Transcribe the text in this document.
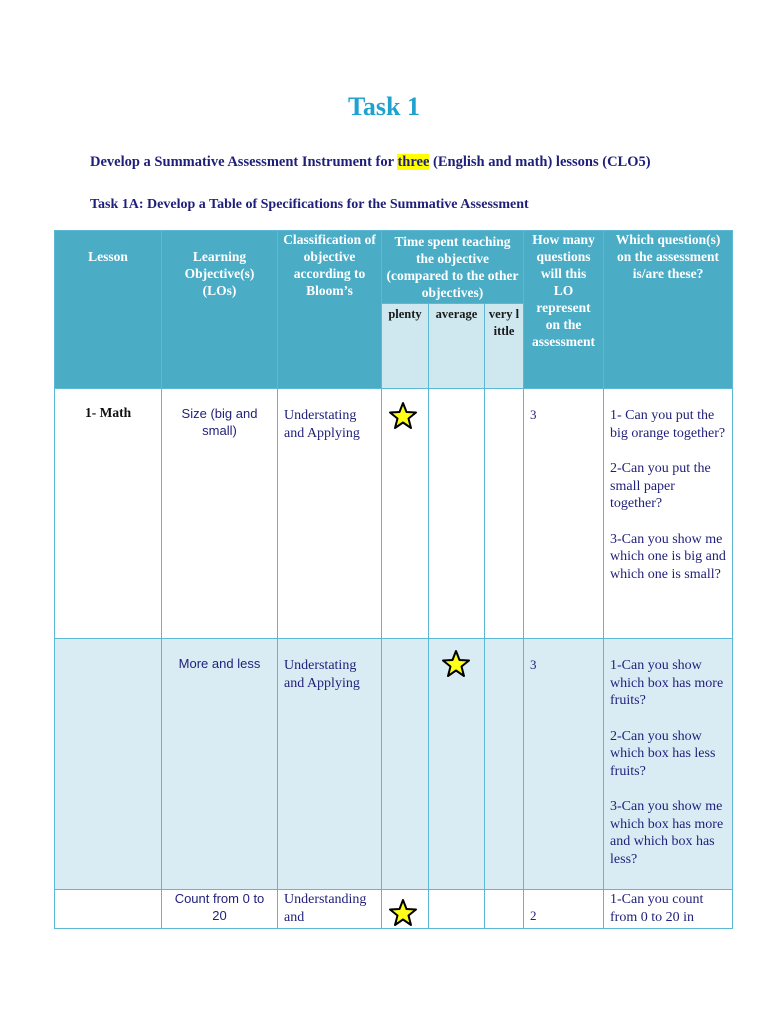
Task 1
Develop a Summative Assessment Instrument for three (English and math) lessons (CLO5)
Task 1A: Develop a Table of Specifications for the Summative Assessment
Lesson	Learning Objective(s) (LOs)	Classification of objective according to Bloom’s	Time spent teaching the objective (compared to the other objectives)			How many questions will this LO represent on the assessment	Which question(s) on the assessment is/are these?

			plenty	average	very little		

1- Math	Size (big and small)	Understating and Applying				3	1- Can you put the big orange together?

2-Can you put the small paper together?

3-Can you show me which one is big and which one is small?

	More and less	Understating and Applying				3	1-Can you show which box has more fruits?

2-Can you show which box has less fruits?

3-Can you show me which box has more and which box has less?

	Count from 0 to 20	Understanding and				2	1-Can you count from 0 to 20 in
